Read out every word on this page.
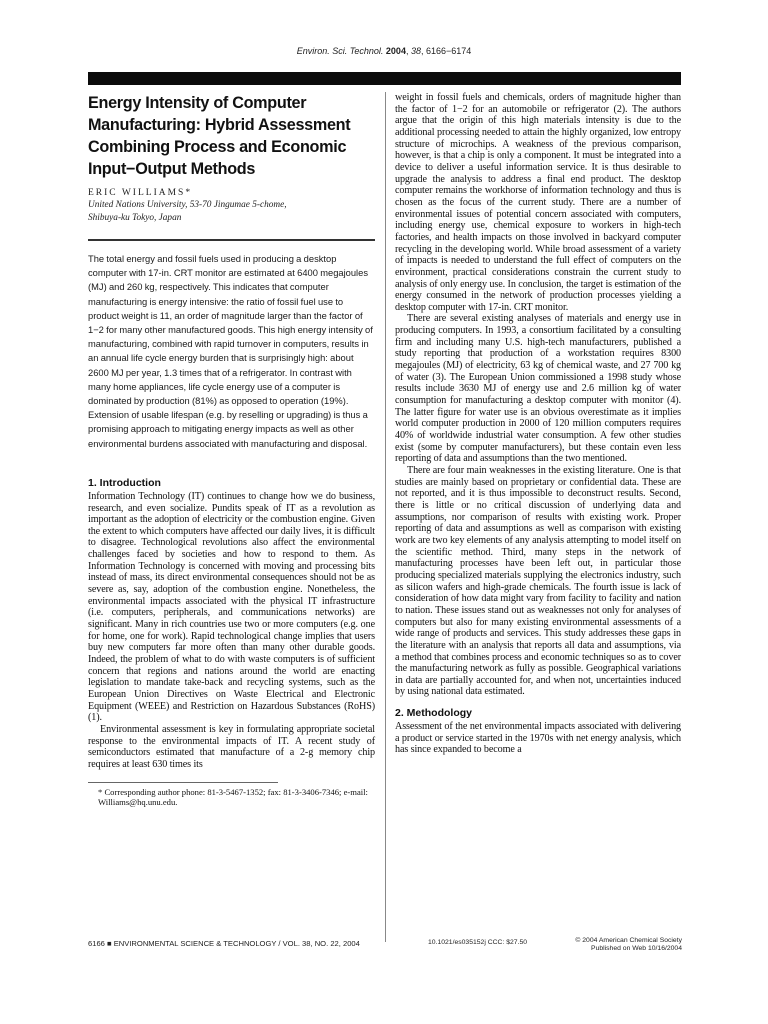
Environ. Sci. Technol. 2004, 38, 6166−6174
Energy Intensity of Computer Manufacturing: Hybrid Assessment Combining Process and Economic Input−Output Methods
ERIC WILLIAMS*
United Nations University, 53-70 Jingumae 5-chome,
Shibuya-ku Tokyo, Japan

The total energy and fossil fuels used in producing a desktop computer with 17-in. CRT monitor are estimated at 6400 megajoules (MJ) and 260 kg, respectively. This indicates that computer manufacturing is energy intensive: the ratio of fossil fuel use to product weight is 11, an order of magnitude larger than the factor of 1−2 for many other manufactured goods. This high energy intensity of manufacturing, combined with rapid turnover in computers, results in an annual life cycle energy burden that is surprisingly high: about 2600 MJ per year, 1.3 times that of a refrigerator. In contrast with many home appliances, life cycle energy use of a computer is dominated by production (81%) as opposed to operation (19%). Extension of usable lifespan (e.g. by reselling or upgrading) is thus a promising approach to mitigating energy impacts as well as other environmental burdens associated with manufacturing and disposal.

1. Introduction

Information Technology (IT) continues to change how we do business, research, and even socialize. Pundits speak of IT as a revolution as important as the adoption of electricity or the combustion engine. Given the extent to which computers have affected our daily lives, it is difficult to disagree. Technological revolutions also affect the environmental challenges faced by societies and how to respond to them. As Information Technology is concerned with moving and processing bits instead of mass, its direct environmental consequences should not be as severe as, say, adoption of the combustion engine. Nonetheless, the environmental impacts associated with the physical IT infrastructure (i.e. computers, peripherals, and communications networks) are significant. Many in rich countries use two or more computers (e.g. one for home, one for work). Rapid technological change implies that users buy new computers far more often than many other durable goods. Indeed, the problem of what to do with waste computers is of sufficient concern that regions and nations around the world are enacting legislation to mandate take-back and recycling systems, such as the European Union Directives on Waste Electrical and Electronic Equipment (WEEE) and Restriction on Hazardous Substances (RoHS) (1).

Environmental assessment is key in formulating appropriate societal response to the environmental impacts of IT. A recent study of semiconductors estimated that manufacture of a 2-g memory chip requires at least 630 times its

* Corresponding author phone: 81-3-5467-1352; fax: 81-3-3406-7346; e-mail: Williams@hq.unu.edu.

weight in fossil fuels and chemicals, orders of magnitude higher than the factor of 1−2 for an automobile or refrigerator (2). The authors argue that the origin of this high materials intensity is due to the additional processing needed to attain the highly organized, low entropy structure of microchips. A weakness of the previous comparison, however, is that a chip is only a component. It must be integrated into a device to deliver a useful information service. It is thus desirable to upgrade the analysis to address a final end product. The desktop computer remains the workhorse of information technology and thus is chosen as the focus of the current study. There are a number of environmental issues of potential concern associated with computers, including energy use, chemical exposure to workers in high-tech factories, and health impacts on those involved in backyard computer recycling in the developing world. While broad assessment of a variety of impacts is needed to understand the full effect of computers on the environment, practical considerations constrain the current study to analysis of only energy use. In conclusion, the target is estimation of the energy consumed in the network of production processes yielding a desktop computer with 17-in. CRT monitor.

There are several existing analyses of materials and energy use in producing computers. In 1993, a consortium facilitated by a consulting firm and including many U.S. high-tech manufacturers, published a study reporting that production of a workstation requires 8300 megajoules (MJ) of electricity, 63 kg of chemical waste, and 27 700 kg of water (3). The European Union commissioned a 1998 study whose results include 3630 MJ of energy use and 2.6 million kg of water consumption for manufacturing a desktop computer with monitor (4). The latter figure for water use is an obvious overestimate as it implies world computer production in 2000 of 120 million computers requires 40% of worldwide industrial water consumption. A few other studies exist (some by computer manufacturers), but these contain even less reporting of data and assumptions than the two mentioned.

There are four main weaknesses in the existing literature. One is that studies are mainly based on proprietary or confidential data. These are not reported, and it is thus impossible to deconstruct results. Second, there is little or no critical discussion of underlying data and assumptions, nor comparison of results with existing work. Proper reporting of data and assumptions as well as comparison with existing work are two key elements of any analysis attempting to model itself on the scientific method. Third, many steps in the network of manufacturing processes have been left out, in particular those producing specialized materials supplying the electronics industry, such as silicon wafers and high-grade chemicals. The fourth issue is lack of consideration of how data might vary from facility to facility and nation to nation. These issues stand out as weaknesses not only for analyses of computers but also for many existing environmental assessments of a wide range of products and services. This study addresses these gaps in the literature with an analysis that reports all data and assumptions, via a method that combines process and economic techniques so as to cover the manufacturing network as fully as possible. Geographical variations in data are partially accounted for, and when not, uncertainties induced by using national data estimated.

2. Methodology

Assessment of the net environmental impacts associated with delivering a product or service started in the 1970s with net energy analysis, which has since expanded to become a

6166 ■ ENVIRONMENTAL SCIENCE & TECHNOLOGY / VOL. 38, NO. 22, 2004	10.1021/es035152j CCC: $27.50	© 2004 American Chemical Society
Published on Web 10/16/2004
